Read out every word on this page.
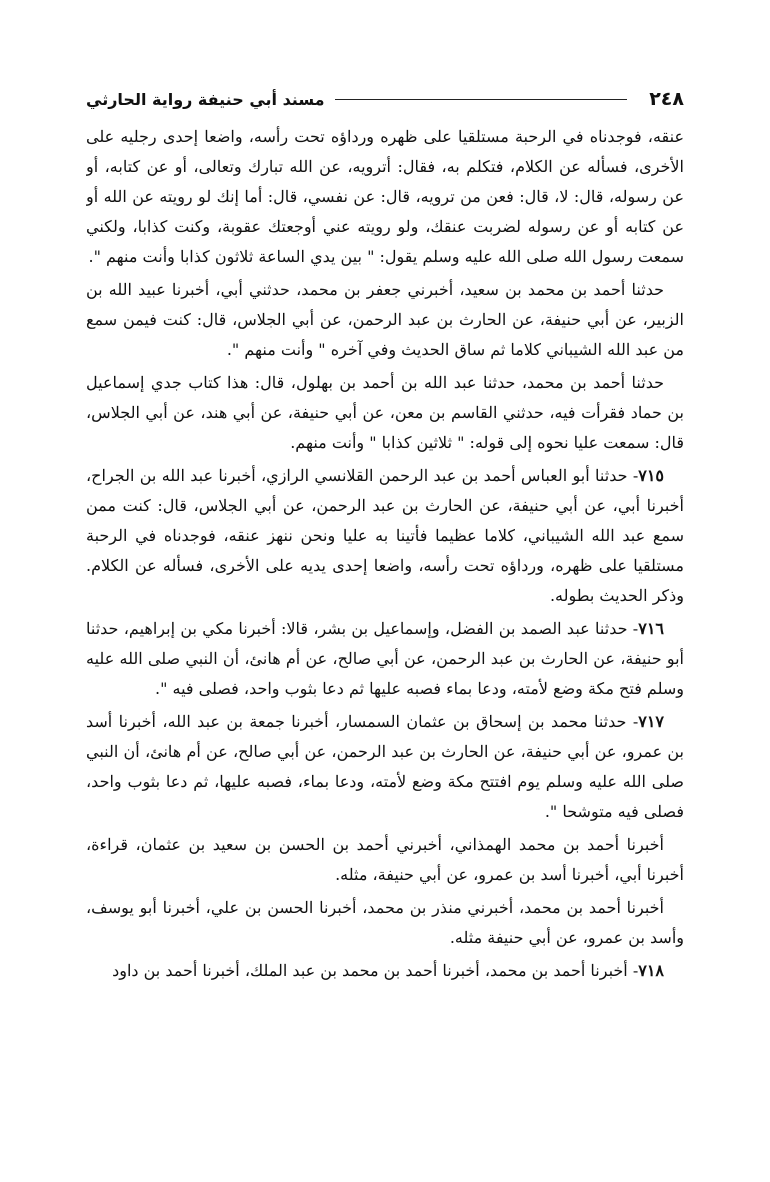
٢٤٨
مسند أبي حنيفة رواية الحارثي

عنقه، فوجدناه في الرحبة مستلقيا على ظهره ورداؤه تحت رأسه، واضعا إحدى رجليه على الأخرى، فسأله عن الكلام، فتكلم به، فقال: أترويه، عن الله تبارك وتعالى، أو عن كتابه، أو عن رسوله، قال: لا، قال: فعن من ترويه، قال: عن نفسي، قال: أما إنك لو رويته عن الله أو عن كتابه أو عن رسوله لضربت عنقك، ولو رويته عني أوجعتك عقوبة، وكنت كذابا، ولكني سمعت رسول الله صلى الله عليه وسلم يقول: " بين يدي الساعة ثلاثون كذابا وأنت منهم ".

حدثنا أحمد بن محمد بن سعيد، أخبرني جعفر بن محمد، حدثني أبي، أخبرنا عبيد الله بن الزبير، عن أبي حنيفة، عن الحارث بن عبد الرحمن، عن أبي الجلاس، قال: كنت فيمن سمع من عبد الله الشيباني كلاما ثم ساق الحديث وفي آخره " وأنت منهم ".

حدثنا أحمد بن محمد، حدثنا عبد الله بن أحمد بن بهلول، قال: هذا كتاب جدي إسماعيل بن حماد فقرأت فيه، حدثني القاسم بن معن، عن أبي حنيفة، عن أبي هند، عن أبي الجلاس، قال: سمعت عليا نحوه إلى قوله: " ثلاثين كذابا " وأنت منهم.

٧١٥- حدثنا أبو العباس أحمد بن عبد الرحمن القلانسي الرازي، أخبرنا عبد الله بن الجراح، أخبرنا أبي، عن أبي حنيفة، عن الحارث بن عبد الرحمن، عن أبي الجلاس، قال: كنت ممن سمع عبد الله الشيباني، كلاما عظيما فأتينا به عليا ونحن ننهز عنقه، فوجدناه في الرحبة مستلقيا على ظهره، ورداؤه تحت رأسه، واضعا إحدى يديه على الأخرى، فسأله عن الكلام. وذكر الحديث بطوله.

٧١٦- حدثنا عبد الصمد بن الفضل، وإسماعيل بن بشر، قالا: أخبرنا مكي بن إبراهيم، حدثنا أبو حنيفة، عن الحارث بن عبد الرحمن، عن أبي صالح، عن أم هانئ، أن النبي صلى الله عليه وسلم فتح مكة وضع لأمته، ودعا بماء فصبه عليها ثم دعا بثوب واحد، فصلى فيه ".

٧١٧- حدثنا محمد بن إسحاق بن عثمان السمسار، أخبرنا جمعة بن عبد الله، أخبرنا أسد بن عمرو، عن أبي حنيفة، عن الحارث بن عبد الرحمن، عن أبي صالح، عن أم هانئ، أن النبي صلى الله عليه وسلم يوم افتتح مكة وضع لأمته، ودعا بماء، فصبه عليها، ثم دعا بثوب واحد، فصلى فيه متوشحا ".

أخبرنا أحمد بن محمد الهمذاني، أخبرني أحمد بن الحسن بن سعيد بن عثمان، قراءة، أخبرنا أبي، أخبرنا أسد بن عمرو، عن أبي حنيفة، مثله.

أخبرنا أحمد بن محمد، أخبرني منذر بن محمد، أخبرنا الحسن بن علي، أخبرنا أبو يوسف، وأسد بن عمرو، عن أبي حنيفة مثله.

٧١٨- أخبرنا أحمد بن محمد، أخبرنا أحمد بن محمد بن عبد الملك، أخبرنا أحمد بن داود
